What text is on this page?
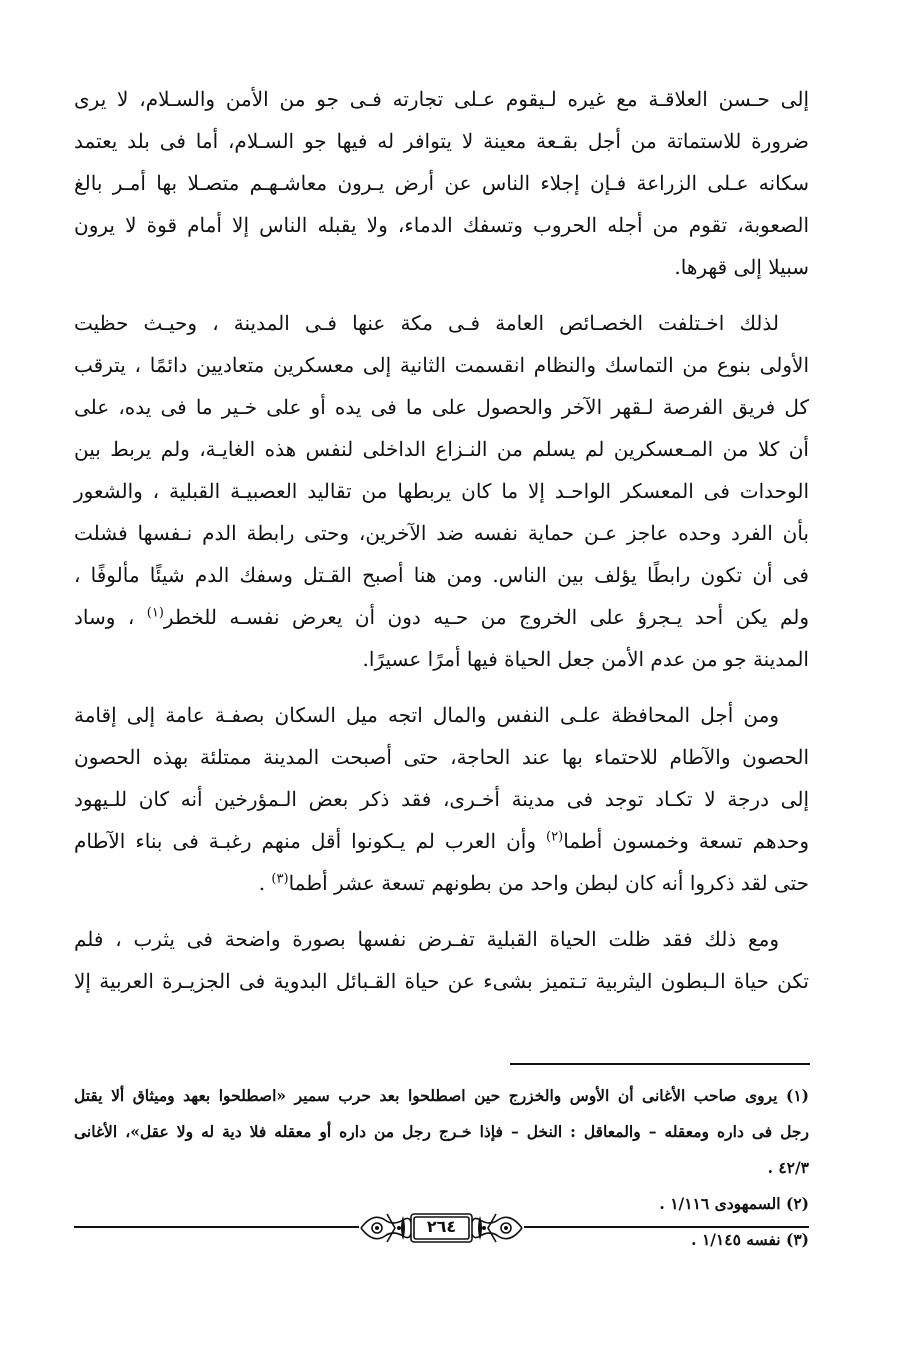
إلى حـسن العلاقـة مع غيره لـيقوم عـلى تجارته فـى جو من الأمن والسـلام، لا يرى
ضرورة للاستماتة من أجل بقـعة معينة لا يتوافر له فيها جو السـلام، أما فى بلد يعتمد
سكانه عـلى الزراعة فـإن إجلاء الناس عن أرض يـرون معاشـهـم متصـلا بها أمـر بالغ
الصعوبة، تقوم من أجله الحروب وتسفك الدماء، ولا يقبله الناس إلا أمام قوة لا يرون
سبيلا إلى قهرها.

لذلك اخـتلفت الخصـائص العامة فـى مكة عنها فـى المدينة ، وحيـث حظيت
الأولى بنوع من التماسك والنظام انقسمت الثانية إلى معسكرين متعاديين دائمًا ، يترقب
كل فريق الفرصة لـقهر الآخر والحصول على ما فى يده أو على خـير ما فى يده، على
أن كلا من المـعسكرين لم يسلم من النـزاع الداخلى لنفس هذه الغايـة، ولم يربط بين
الوحدات فى المعسكر الواحـد إلا ما كان يربطها من تقاليد العصبيـة القبلية ، والشعور
بأن الفرد وحده عاجز عـن حماية نفسه ضد الآخرين، وحتى رابطة الدم نـفسها فشلت
فى أن تكون رابطًا يؤلف بين الناس. ومن هنا أصبح القـتل وسفك الدم شيئًا مألوفًا ،
ولم يكن أحد يـجرؤ على الخروج من حـيه دون أن يعرض نفسـه للخطر$^{(١)}$ ، وساد
المدينة جو من عدم الأمن جعل الحياة فيها أمرًا عسيرًا.

ومن أجل المحافظة علـى النفس والمال اتجه ميل السكان بصفـة عامة إلى إقامة
الحصون والآطام للاحتماء بها عند الحاجة، حتى أصبحت المدينة ممتلئة بهذه الحصون
إلى درجة لا تكـاد توجد فى مدينة أخـرى، فقد ذكر بعض الـمؤرخين أنه كان للـيهود
وحدهم تسعة وخمسون أطما$^{(٢)}$ وأن العرب لم يـكونوا أقل منهم رغبـة فى بناء الآطام
حتى لقد ذكروا أنه كان لبطن واحد من بطونهم تسعة عشر أطما$^{(٣)}$ .

ومع ذلك فقد ظلت الحياة القبلية تفـرض نفسها بصورة واضحة فى يثرب ، فلم
تكن حياة الـبطون اليثربية تـتميز بشىء عن حياة القـبائل البدوية فى الجزيـرة العربية إلا

(١) يروى صاحب الأغانى أن الأوس والخزرج حين اصطلحوا بعد حرب سمير «اصطلحوا بعهد وميثاق ألا يقتل
رجل فى داره ومعقله – والمعاقل : النخل – فإذا خـرج رجل من داره أو معقله فلا دية له ولا عقل»، الأغانى
٤٢/٣ .
(٢) السمهودى ١/١١٦ .
(٣) نفسه ١/١٤٥ .
٢٦٤
